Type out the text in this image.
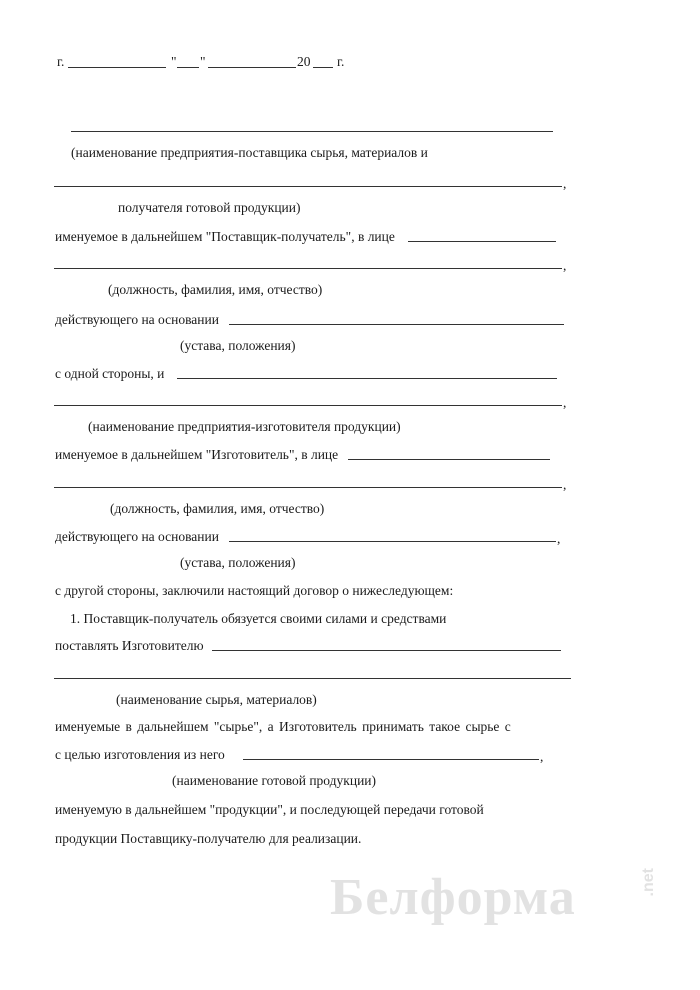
г.	" "	20 г.
(наименование предприятия-поставщика сырья, материалов и
,
получателя готовой продукции)
именуемое в дальнейшем "Поставщик-получатель", в лице
,
(должность, фамилия, имя, отчество)
действующего на основании
(устава, положения)
с одной стороны, и
,
(наименование предприятия-изготовителя продукции)
именуемое в дальнейшем "Изготовитель", в лице
,
(должность, фамилия, имя, отчество)
действующего на основании	,
(устава, положения)
с другой стороны, заключили настоящий договор о нижеследующем:
1. Поставщик-получатель обязуется своими силами и средствами
поставлять Изготовителю
(наименование сырья, материалов)
именуемые в дальнейшем "сырье", а Изготовитель принимать такое сырье с
с целью изготовления из него	,
(наименование готовой продукции)
именуемую в дальнейшем "продукции", и последующей передачи готовой
продукции Поставщику-получателю для реализации.
Белформа	.net
